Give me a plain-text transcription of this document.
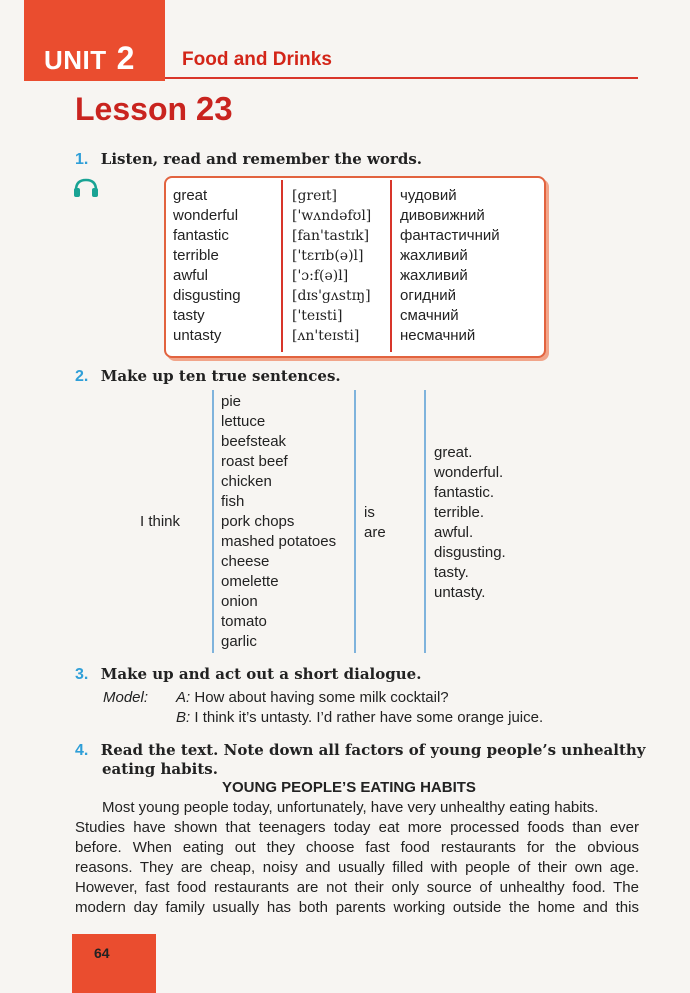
UNIT 2 Food and Drinks
Lesson 23
1. Listen, read and remember the words.
great
wonderful
fantastic
terrible
awful
disgusting
tasty
untasty
[greɪt]
['wʌndəfʊl]
[fan'tastɪk]
['tɛrɪb(ə)l]
['ɔ:f(ə)l]
[dɪs'gʌstɪŋ]
['teɪsti]
[ʌn'teɪsti]
чудовий
дивовижний
фантастичний
жахливий
жахливий
огидний
смачний
несмачний
2. Make up ten true sentences.
I think
pie
lettuce
beefsteak
roast beef
chicken
fish
pork chops
mashed potatoes
cheese
omelette
onion
tomato
garlic
is
are
great.
wonderful.
fantastic.
terrible.
awful.
disgusting.
tasty.
untasty.
3. Make up and act out a short dialogue.
Model: A: How about having some milk cocktail?
B: I think it’s untasty. I’d rather have some orange juice.
4. Read the text. Note down all factors of young people’s unhealthy
eating habits.
YOUNG PEOPLE’S EATING HABITS
Most young people today, unfortunately, have very unhealthy eating habits.
Studies have shown that teenagers today eat more processed foods than ever
before. When eating out they choose fast food restaurants for the obvious
reasons. They are cheap, noisy and usually filled with people of their own age.
However, fast food restaurants are not their only source of unhealthy food. The
modern day family usually has both parents working outside the home and this
64
